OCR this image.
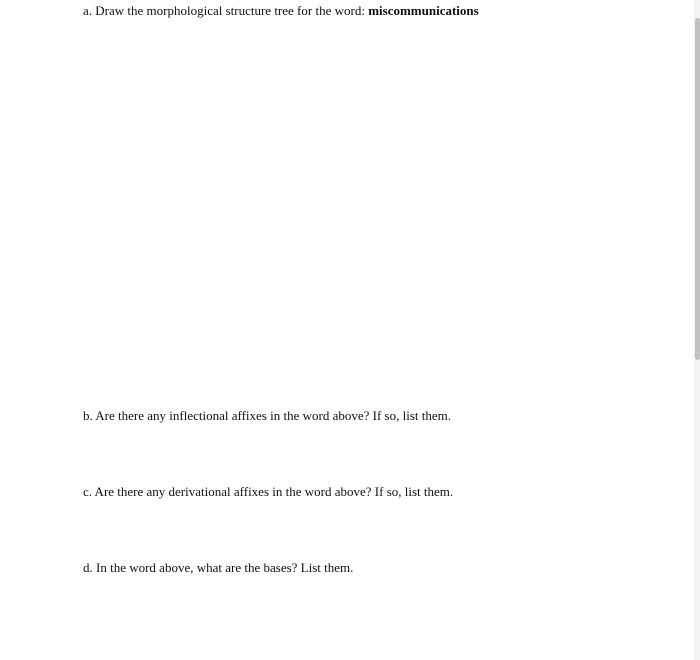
a. Draw the morphological structure tree for the word: miscommunications

b. Are there any inflectional affixes in the word above? If so, list them.

c. Are there any derivational affixes in the word above? If so, list them.

d. In the word above, what are the bases? List them.
